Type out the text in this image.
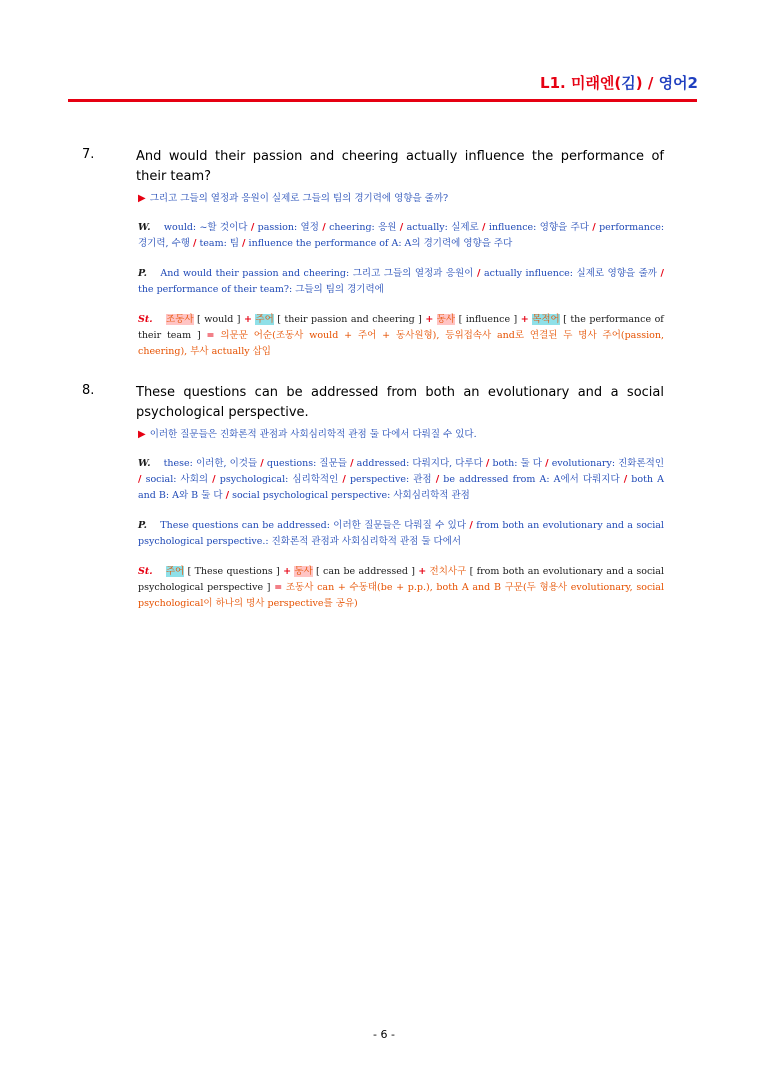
L1. 미래엔(김) / 영어2
7.	And would their passion and cheering actually influence the performance of their team?
▶ 그리고 그들의 열정과 응원이 실제로 그들의 팀의 경기력에 영향을 줄까?
W. would: ~할 것이다 / passion: 열정 / cheering: 응원 / actually: 실제로 / influence: 영향을 주다 / performance: 경기력, 수행 / team: 팀 / influence the performance of A: A의 경기력에 영향을 주다
P. And would their passion and cheering: 그리고 그들의 열정과 응원이 / actually influence: 실제로 영향을 줄까 / the performance of their team?: 그들의 팀의 경기력에
St. 조동사 [ would ] + 주어 [ their passion and cheering ] + 동사 [ influence ] + 목적어 [ the performance of their team ] = 의문문 어순(조동사 would + 주어 + 동사원형), 등위접속사 and로 연결된 두 명사 주어(passion, cheering), 부사 actually 삽입
8.	These questions can be addressed from both an evolutionary and a social psychological perspective.
▶ 이러한 질문들은 진화론적 관점과 사회심리학적 관점 둘 다에서 다뤄질 수 있다.
W. these: 이러한, 이것들 / questions: 질문들 / addressed: 다뤄지다, 다루다 / both: 둘 다 / evolutionary: 진화론적인 / social: 사회의 / psychological: 심리학적인 / perspective: 관점 / be addressed from A: A에서 다뤄지다 / both A and B: A와 B 둘 다 / social psychological perspective: 사회심리학적 관점
P. These questions can be addressed: 이러한 질문들은 다뤄질 수 있다 / from both an evolutionary and a social psychological perspective.: 진화론적 관점과 사회심리학적 관점 둘 다에서
St. 주어 [ These questions ] + 동사 [ can be addressed ] + 전치사구 [ from both an evolutionary and a social psychological perspective ] = 조동사 can + 수동태(be + p.p.), both A and B 구문(두 형용사 evolutionary, social psychological이 하나의 명사 perspective를 공유)
- 6 -
